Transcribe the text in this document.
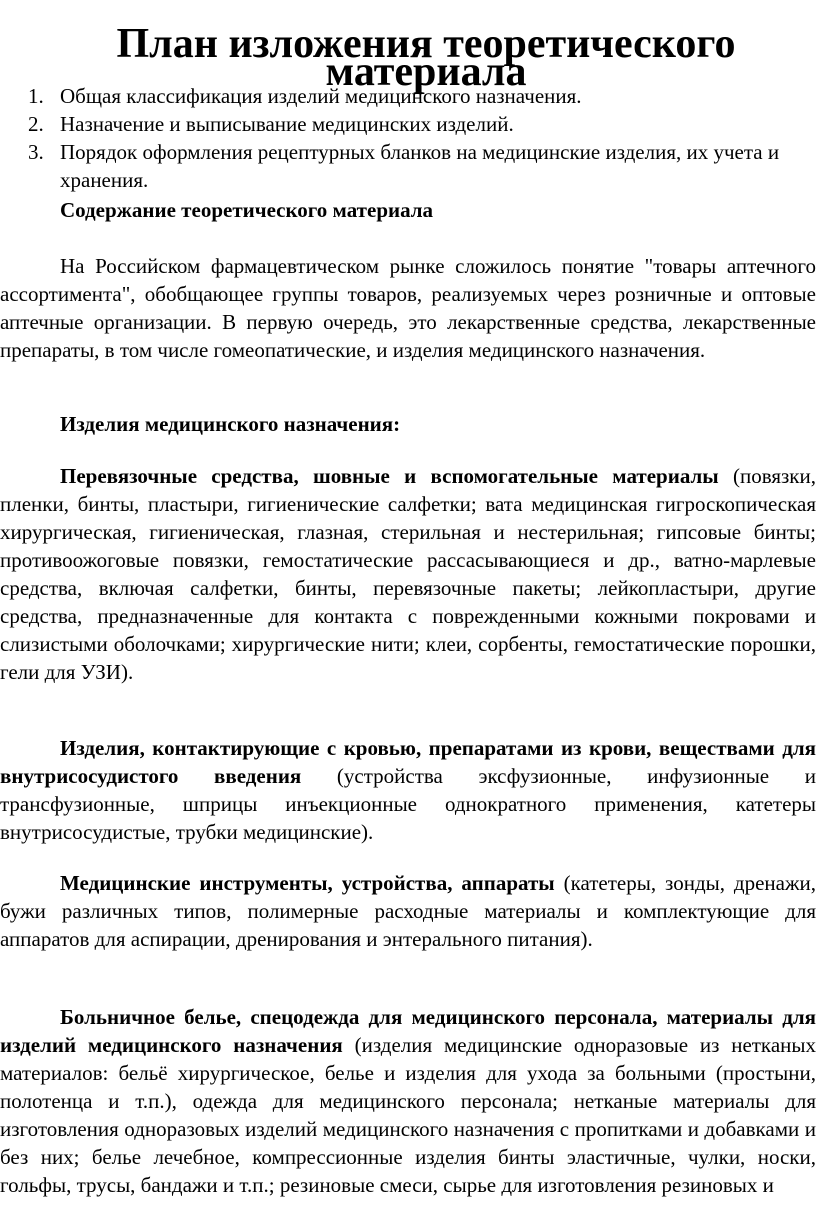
План изложения теоретического материала
1. Общая классификация изделий медицинского назначения.
2. Назначение и выписывание медицинских изделий.
3. Порядок оформления рецептурных бланков на медицинские изделия, их учета и хранения.
Содержание теоретического материала

На Российском фармацевтическом рынке сложилось понятие "товары аптечного ассортимента", обобщающее группы товаров, реализуемых через розничные и оптовые аптечные организации. В первую очередь, это лекарственные средства, лекарственные препараты, в том числе гомеопатические, и изделия медицинского назначения.

Изделия медицинского назначения:

Перевязочные средства, шовные и вспомогательные материалы (повязки, пленки, бинты, пластыри, гигиенические салфетки; вата медицинская гигроскопическая хирургическая, гигиеническая, глазная, стерильная и нестерильная; гипсовые бинты; противоожоговые повязки, гемостатические рассасывающиеся и др., ватно-марлевые средства, включая салфетки, бинты, перевязочные пакеты; лейкопластыри, другие средства, предназначенные для контакта с поврежденными кожными покровами и слизистыми оболочками; хирургические нити; клеи, сорбенты, гемостатические порошки, гели для УЗИ).

Изделия, контактирующие с кровью, препаратами из крови, веществами для внутрисосудистого введения (устройства эксфузионные, инфузионные и трансфузионные, шприцы инъекционные однократного применения, катетеры внутрисосудистые, трубки медицинские).

Медицинские инструменты, устройства, аппараты (катетеры, зонды, дренажи, бужи различных типов, полимерные расходные материалы и комплектующие для аппаратов для аспирации, дренирования и энтерального питания).

Больничное белье, спецодежда для медицинского персонала, материалы для изделий медицинского назначения (изделия медицинские одноразовые из нетканых материалов: бельё хирургическое, белье и изделия для ухода за больными (простыни, полотенца и т.п.), одежда для медицинского персонала; нетканые материалы для изготовления одноразовых изделий медицинского назначения с пропитками и добавками и без них; белье лечебное, компрессионные изделия бинты эластичные, чулки, носки, гольфы, трусы, бандажи и т.п.; резиновые смеси, сырье для изготовления резиновых и
